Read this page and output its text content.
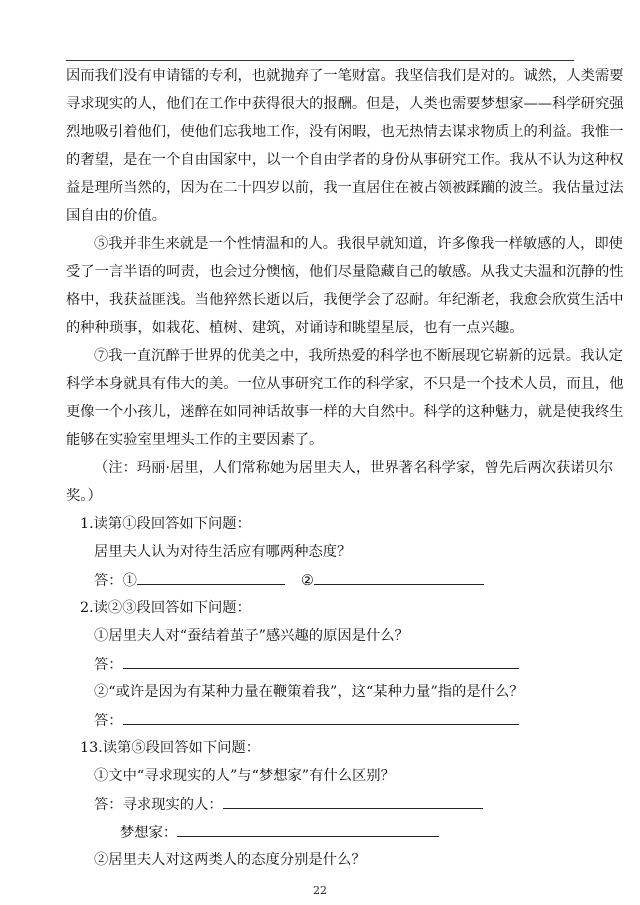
因而我们没有申请镭的专利，也就抛弃了一笔财富。我坚信我们是对的。诚然，人类需要
寻求现实的人，他们在工作中获得很大的报酬。但是，人类也需要梦想家——科学研究强
烈地吸引着他们，使他们忘我地工作，没有闲暇，也无热情去谋求物质上的利益。我惟一
的奢望，是在一个自由国家中，以一个自由学者的身份从事研究工作。我从不认为这种权
益是理所当然的，因为在二十四岁以前，我一直居住在被占领被蹂躏的波兰。我估量过法
国自由的价值。
⑤我并非生来就是一个性情温和的人。我很早就知道，许多像我一样敏感的人，即使
受了一言半语的呵责，也会过分懊恼，他们尽量隐藏自己的敏感。从我丈夫温和沉静的性
格中，我获益匪浅。当他猝然长逝以后，我便学会了忍耐。年纪渐老，我愈会欣赏生活中
的种种琐事，如栽花、植树、建筑，对诵诗和眺望星辰，也有一点兴趣。
⑦我一直沉醉于世界的优美之中，我所热爱的科学也不断展现它崭新的远景。我认定
科学本身就具有伟大的美。一位从事研究工作的科学家，不只是一个技术人员，而且，他
更像一个小孩儿，迷醉在如同神话故事一样的大自然中。科学的这种魅力，就是使我终生
能够在实验室里埋头工作的主要因素了。
（注：玛丽·居里，人们常称她为居里夫人，世界著名科学家，曾先后两次获诺贝尔
奖。）
1.读第①段回答如下问题：
居里夫人认为对待生活应有哪两种态度？
答：①	②
2.读②③段回答如下问题：
①居里夫人对“蚕结着茧子”感兴趣的原因是什么？
答：
②“或许是因为有某种力量在鞭策着我”，这“某种力量”指的是什么？
答：
13.读第⑤段回答如下问题：
①文中“寻求现实的人”与“梦想家”有什么区别？
答：寻求现实的人：
梦想家：
②居里夫人对这两类人的态度分别是什么？
22
